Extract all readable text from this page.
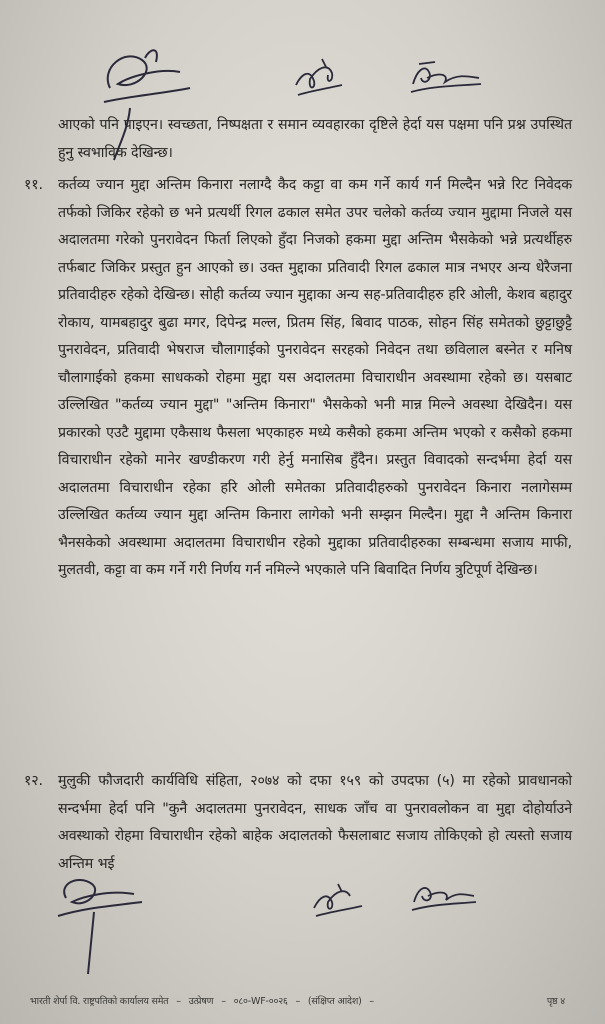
आएको पनि पाइएन। स्वच्छता, निष्पक्षता र समान व्यवहारका दृष्टिले हेर्दा यस पक्षमा पनि प्रश्न उपस्थित हुनु स्वभाविक देखिन्छ।
११.	कर्तव्य ज्यान मुद्दा अन्तिम किनारा नलाग्दै कैद कट्टा वा कम गर्ने कार्य गर्न मिल्दैन भन्ने रिट निवेदक तर्फको जिकिर रहेको छ भने प्रत्यर्थी रिगल ढकाल समेत उपर चलेको कर्तव्य ज्यान मुद्दामा निजले यस अदालतमा गरेको पुनरावेदन फिर्ता लिएको हुँदा निजको हकमा मुद्दा अन्तिम भैसकेको भन्ने प्रत्यर्थीहरु तर्फबाट जिकिर प्रस्तुत हुन आएको छ। उक्त मुद्दाका प्रतिवादी रिगल ढकाल मात्र नभएर अन्य धेरैजना प्रतिवादीहरु रहेको देखिन्छ। सोही कर्तव्य ज्यान मुद्दाका अन्य सह-प्रतिवादीहरु हरि ओली, केशव बहादुर रोकाय, यामबहादुर बुढा मगर, दिपेन्द्र मल्ल, प्रितम सिंह, बिवाद पाठक, सोहन सिंह समेतको छुट्टाछुट्टै पुनरावेदन, प्रतिवादी भेषराज चौलागाईको पुनरावेदन सरहको निवेदन तथा छविलाल बस्नेत र मनिष चौलागाईको हकमा साधकको रोहमा मुद्दा यस अदालतमा विचाराधीन अवस्थामा रहेको छ। यसबाट उल्लिखित "कर्तव्य ज्यान मुद्दा" "अन्तिम किनारा" भैसकेको भनी मान्न मिल्ने अवस्था देखिदैन। यस प्रकारको एउटै मुद्दामा एकैसाथ फैसला भएकाहरु मध्ये कसैको हकमा अन्तिम भएको र कसैको हकमा विचाराधीन रहेको मानेर खण्डीकरण गरी हेर्नु मनासिब हुँदैन। प्रस्तुत विवादको सन्दर्भमा हेर्दा यस अदालतमा विचाराधीन रहेका हरि ओली समेतका प्रतिवादीहरुको पुनरावेदन किनारा नलागेसम्म उल्लिखित कर्तव्य ज्यान मुद्दा अन्तिम किनारा लागेको भनी सम्झन मिल्दैन। मुद्दा नै अन्तिम किनारा भैनसकेको अवस्थामा अदालतमा विचाराधीन रहेको मुद्दाका प्रतिवादीहरुका सम्बन्धमा सजाय माफी, मुलतवी, कट्टा वा कम गर्ने गरी निर्णय गर्न नमिल्ने भएकाले पनि बिवादित निर्णय त्रुटिपूर्ण देखिन्छ।
१२.	मुलुकी फौजदारी कार्यविधि संहिता, २०७४ को दफा १५९ को उपदफा (५) मा रहेको प्रावधानको सन्दर्भमा हेर्दा पनि "कुनै अदालतमा पुनरावेदन, साधक जाँच वा पुनरावलोकन वा मुद्दा दोहोर्याउने अवस्थाको रोहमा विचाराधीन रहेको बाहेक अदालतको फैसलाबाट सजाय तोकिएको हो त्यस्तो सजाय अन्तिम भई
भारती शेर्पा वि. राष्ट्रपतिको कार्यालय समेत – उत्प्रेषण – ०८०-WF-००२६ – (संक्षिप्त आदेश) –	पृष्ठ ४
